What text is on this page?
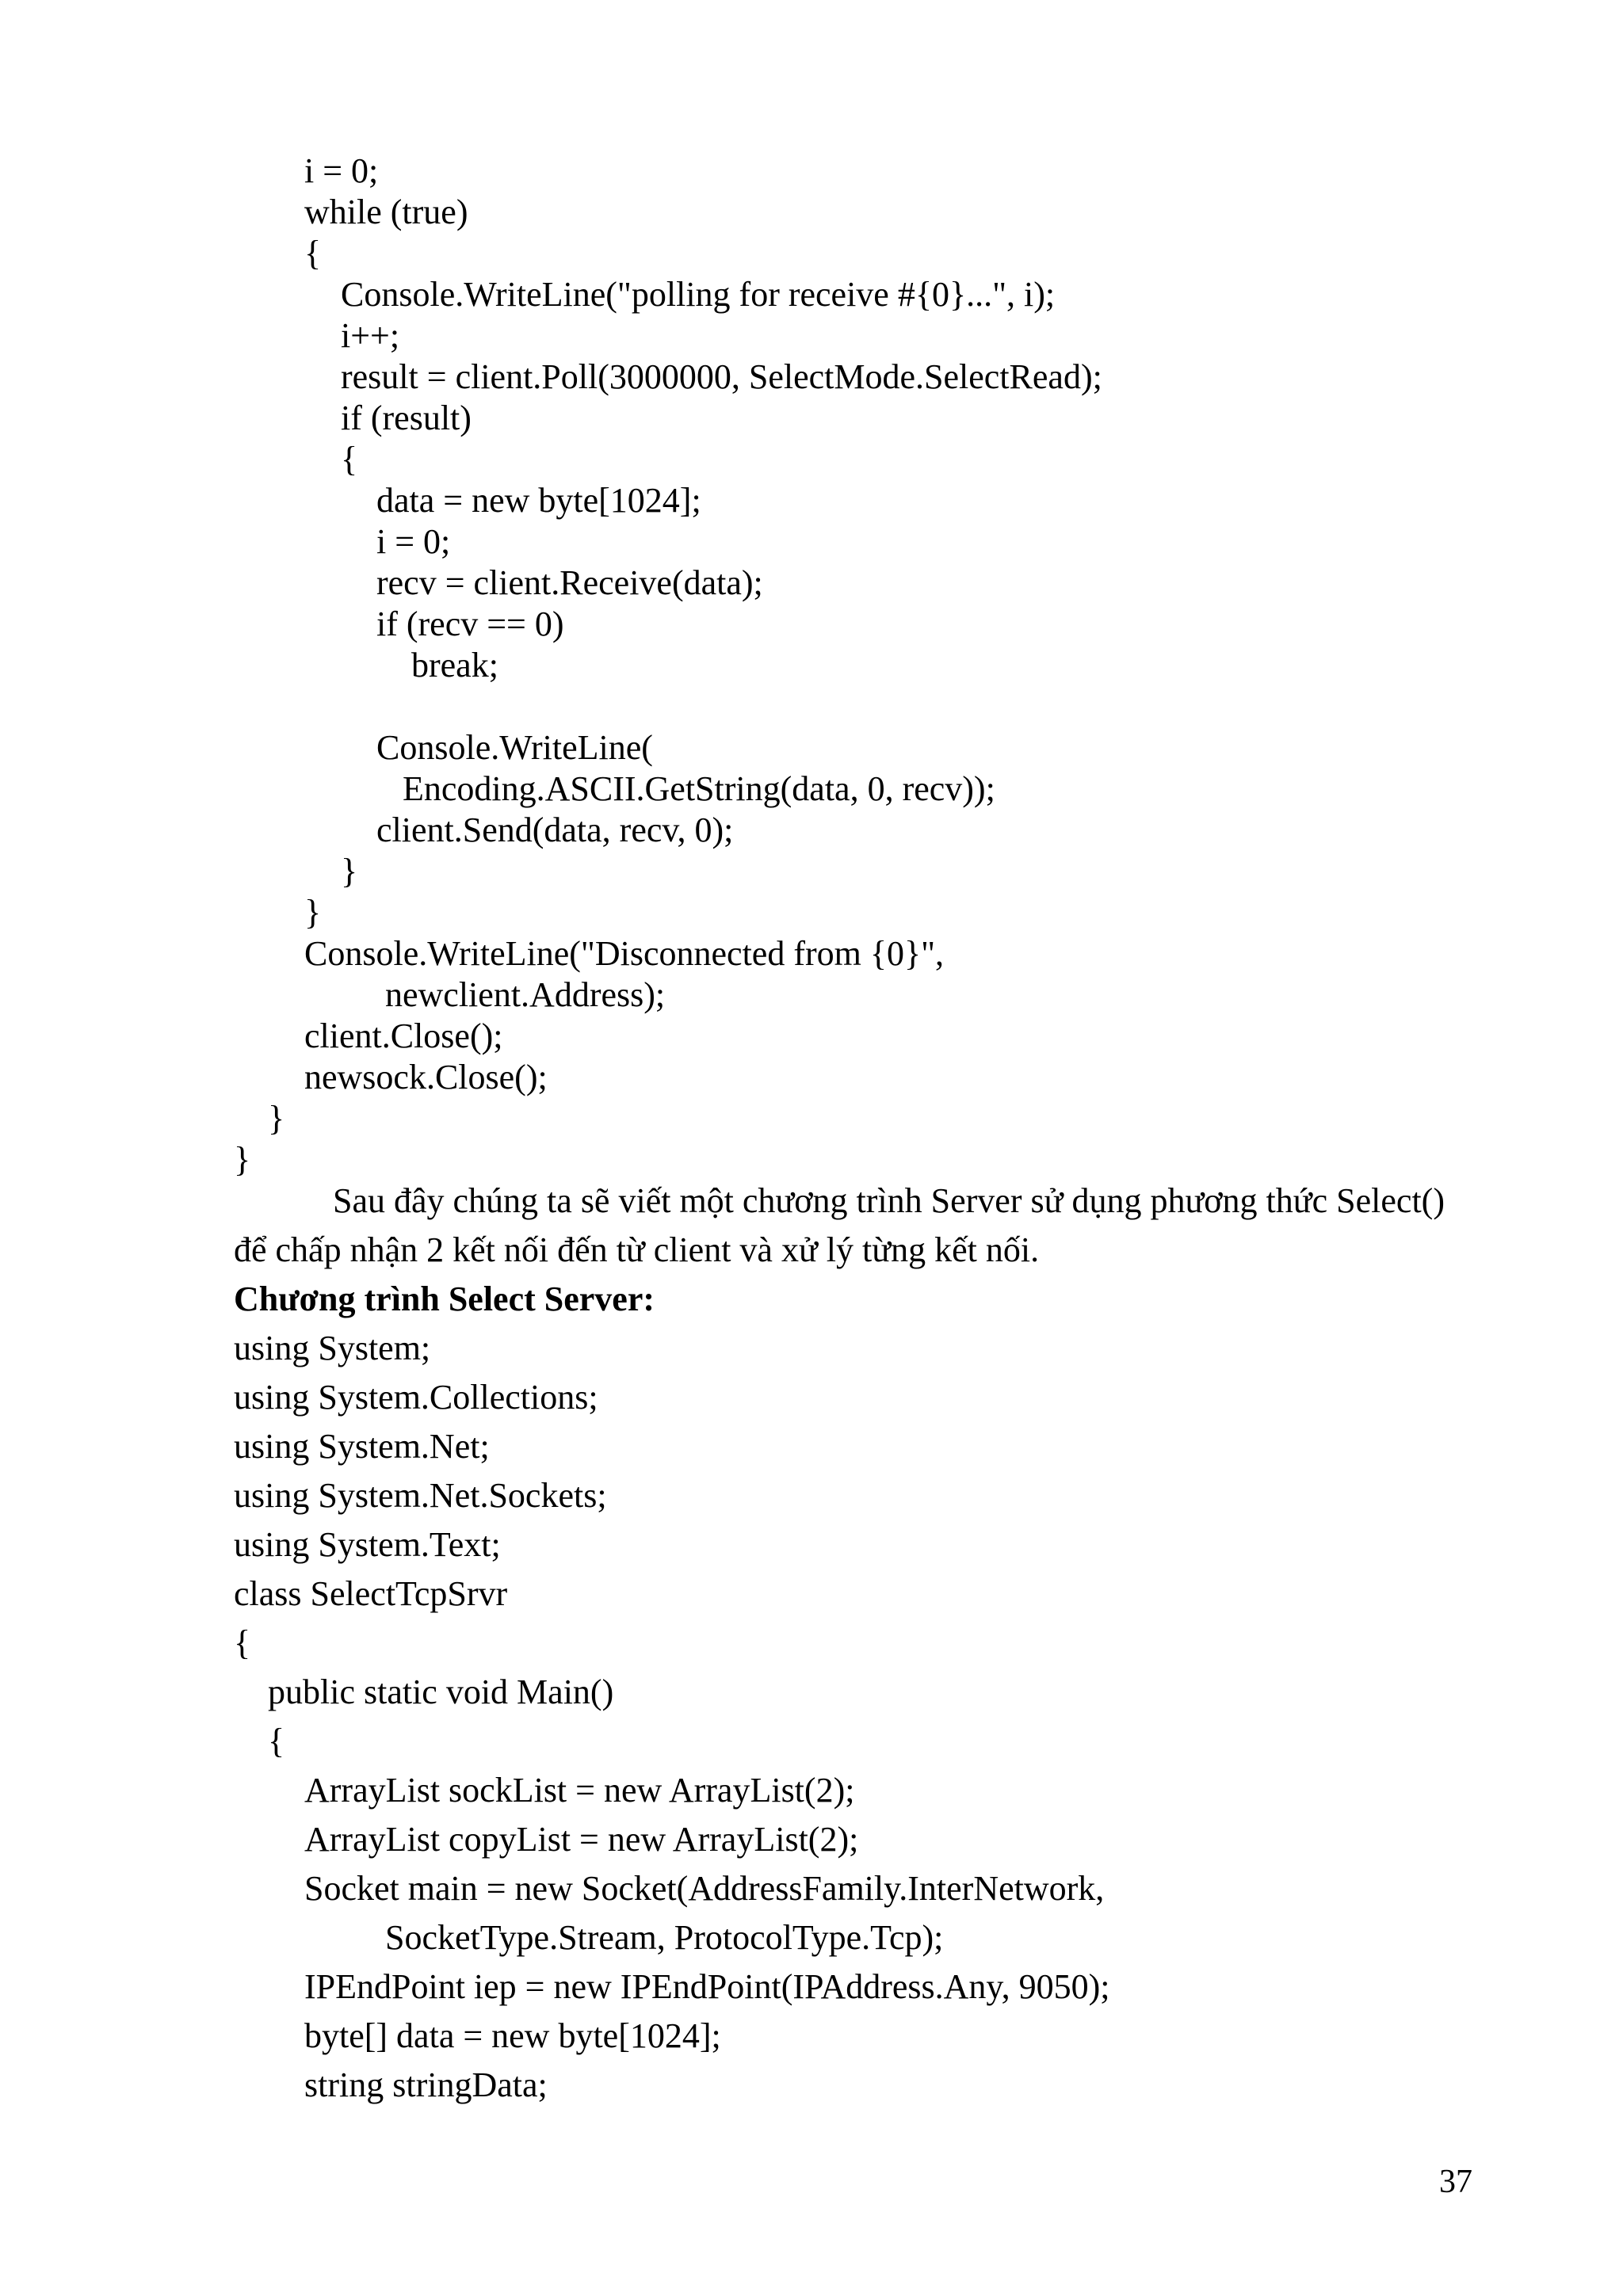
i = 0;
while (true)
{
Console.WriteLine("polling for receive #{0}...", i);
i++;
result = client.Poll(3000000, SelectMode.SelectRead);
if (result)
{
data = new byte[1024];
i = 0;
recv = client.Receive(data);
if (recv == 0)
break;
Console.WriteLine(
Encoding.ASCII.GetString(data, 0, recv));
client.Send(data, recv, 0);
}
}
Console.WriteLine("Disconnected from {0}",
newclient.Address);
client.Close();
newsock.Close();
}
}
Sau đây chúng ta sẽ viết một chương trình Server sử dụng phương thức Select()
để chấp nhận 2 kết nối đến từ client và xử lý từng kết nối.
Chương trình Select Server:
using System;
using System.Collections;
using System.Net;
using System.Net.Sockets;
using System.Text;
class SelectTcpSrvr
{
public static void Main()
{
ArrayList sockList = new ArrayList(2);
ArrayList copyList = new ArrayList(2);
Socket main = new Socket(AddressFamily.InterNetwork,
SocketType.Stream, ProtocolType.Tcp);
IPEndPoint iep = new IPEndPoint(IPAddress.Any, 9050);
byte[] data = new byte[1024];
string stringData;
37
